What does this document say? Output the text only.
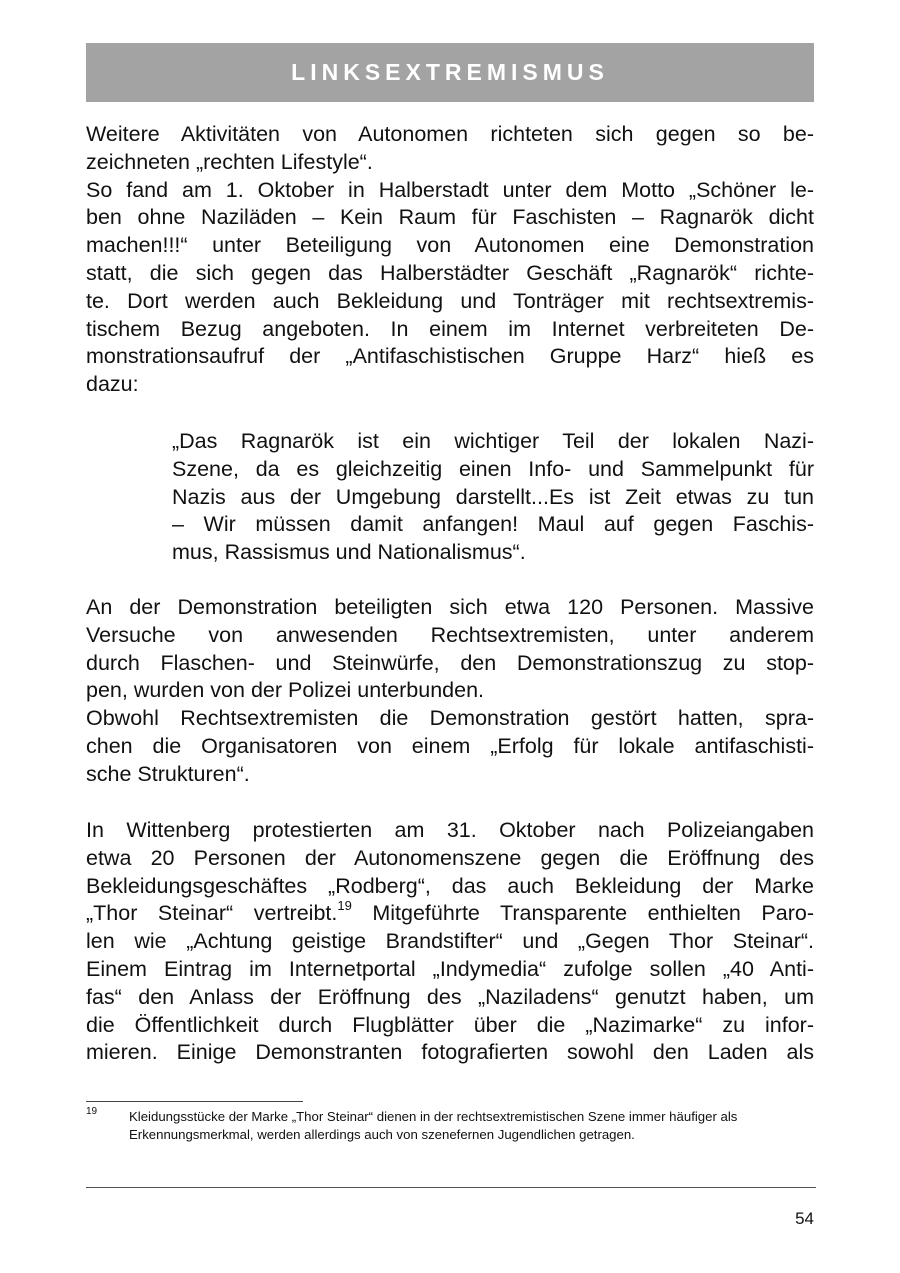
LINKSEXTREMISMUS
Weitere Aktivitäten von Autonomen richteten sich gegen so be-
zeichneten „rechten Lifestyle“.
So fand am 1. Oktober in Halberstadt unter dem Motto „Schöner le-
ben ohne Naziläden – Kein Raum für Faschisten – Ragnarök dicht
machen!!!“ unter Beteiligung von Autonomen eine Demonstration
statt, die sich gegen das Halberstädter Geschäft „Ragnarök“ richte-
te. Dort werden auch Bekleidung und Tonträger mit rechtsextremis-
tischem Bezug angeboten. In einem im Internet verbreiteten De-
monstrationsaufruf der „Antifaschistischen Gruppe Harz“ hieß es
dazu:
„Das Ragnarök ist ein wichtiger Teil der lokalen Nazi-
Szene, da es gleichzeitig einen Info- und Sammelpunkt für
Nazis aus der Umgebung darstellt...Es ist Zeit etwas zu tun
– Wir müssen damit anfangen! Maul auf gegen Faschis-
mus, Rassismus und Nationalismus“.
An der Demonstration beteiligten sich etwa 120 Personen. Massive
Versuche von anwesenden Rechtsextremisten, unter anderem
durch Flaschen- und Steinwürfe, den Demonstrationszug zu stop-
pen, wurden von der Polizei unterbunden.
Obwohl Rechtsextremisten die Demonstration gestört hatten, spra-
chen die Organisatoren von einem „Erfolg für lokale antifaschisti-
sche Strukturen“.
In Wittenberg protestierten am 31. Oktober nach Polizeiangaben
etwa 20 Personen der Autonomenszene gegen die Eröffnung des
Bekleidungsgeschäftes „Rodberg“, das auch Bekleidung der Marke
„Thor Steinar“ vertreibt.$^{19}$ Mitgeführte Transparente enthielten Paro-
len wie „Achtung geistige Brandstifter“ und „Gegen Thor Steinar“.
Einem Eintrag im Internetportal „Indymedia“ zufolge sollen „40 Anti-
fas“ den Anlass der Eröffnung des „Naziladens“ genutzt haben, um
die Öffentlichkeit durch Flugblätter über die „Nazimarke“ zu infor-
mieren. Einige Demonstranten fotografierten sowohl den Laden als
19 Kleidungsstücke der Marke „Thor Steinar“ dienen in der rechtsextremistischen Szene immer häufiger als Erkennungsmerkmal, werden allerdings auch von szenefernen Jugendlichen getragen.
54
